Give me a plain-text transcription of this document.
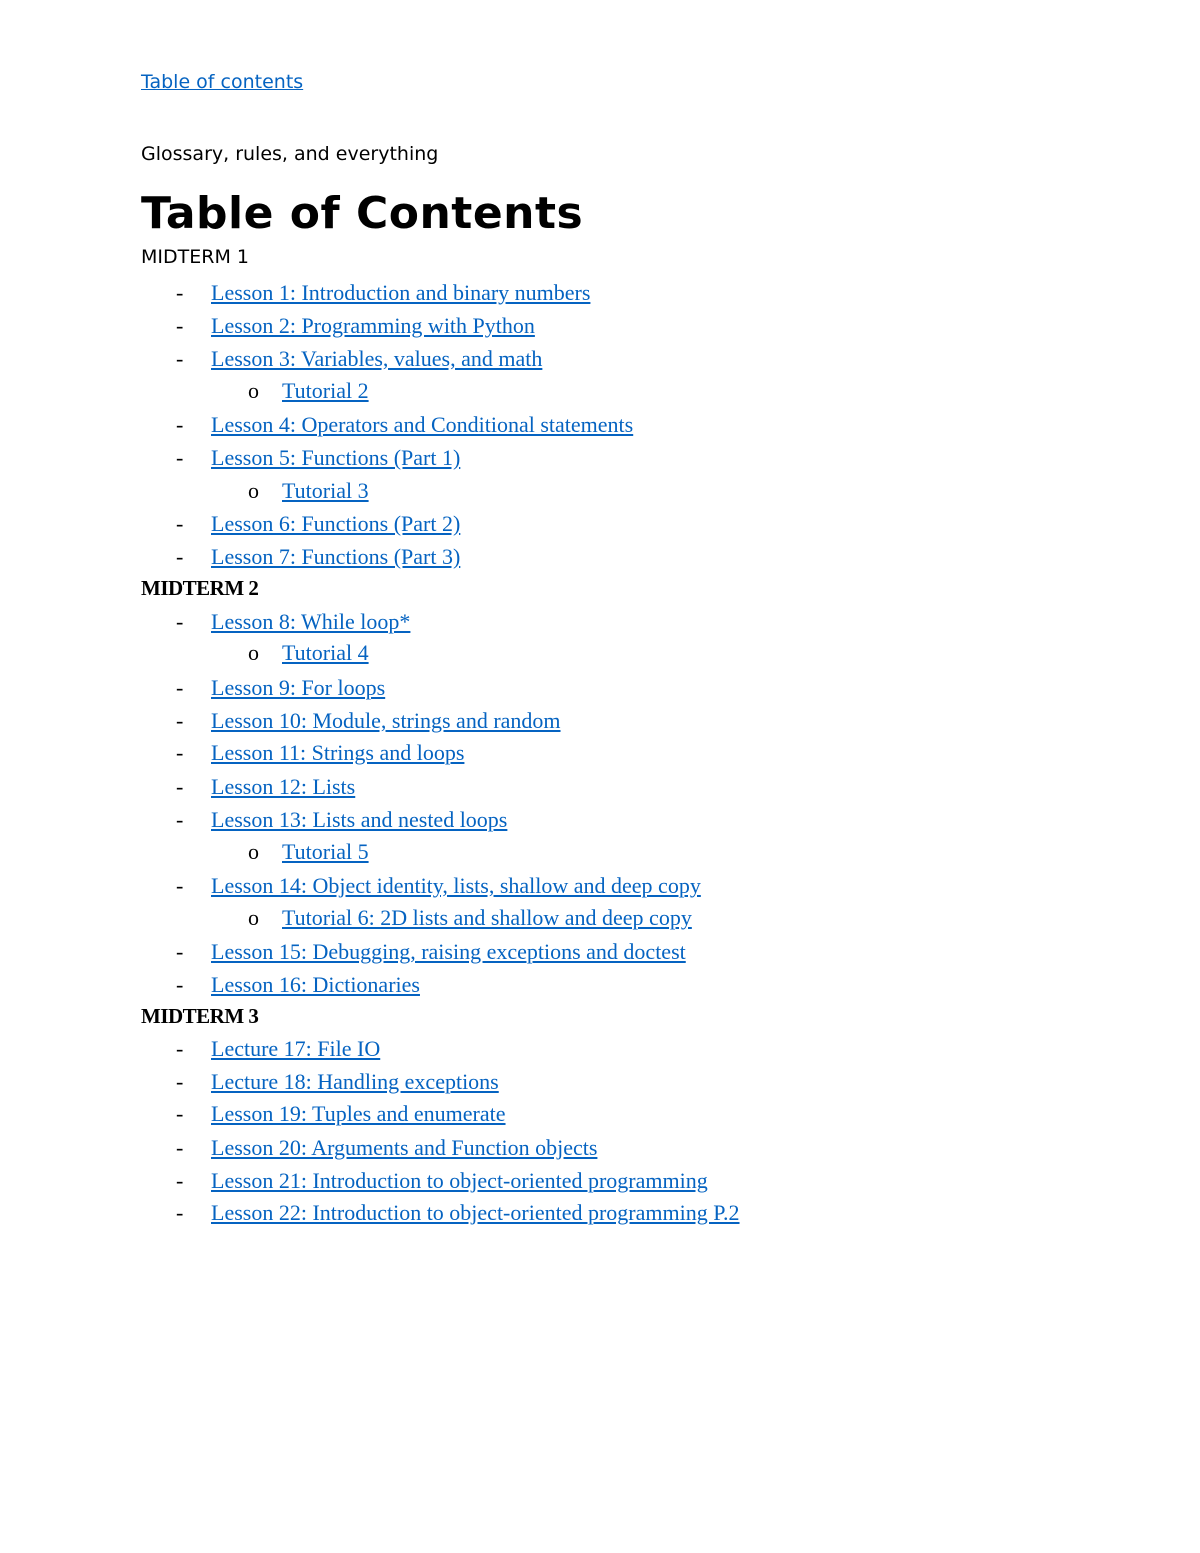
Table of contents
Glossary, rules, and everything
Table of Contents
MIDTERM 1
- Lesson 1: Introduction and binary numbers
- Lesson 2: Programming with Python
- Lesson 3: Variables, values, and math
o Tutorial 2
- Lesson 4: Operators and Conditional statements
- Lesson 5: Functions (Part 1)
o Tutorial 3
- Lesson 6: Functions (Part 2)
- Lesson 7: Functions (Part 3)
MIDTERM 2
- Lesson 8: While loop*
o Tutorial 4
- Lesson 9: For loops
- Lesson 10: Module, strings and random
- Lesson 11: Strings and loops
- Lesson 12: Lists
- Lesson 13: Lists and nested loops
o Tutorial 5
- Lesson 14: Object identity, lists, shallow and deep copy
o Tutorial 6: 2D lists and shallow and deep copy
- Lesson 15: Debugging, raising exceptions and doctest
- Lesson 16: Dictionaries
MIDTERM 3
- Lecture 17: File IO
- Lecture 18: Handling exceptions
- Lesson 19: Tuples and enumerate
- Lesson 20: Arguments and Function objects
- Lesson 21: Introduction to object-oriented programming
- Lesson 22: Introduction to object-oriented programming P.2
